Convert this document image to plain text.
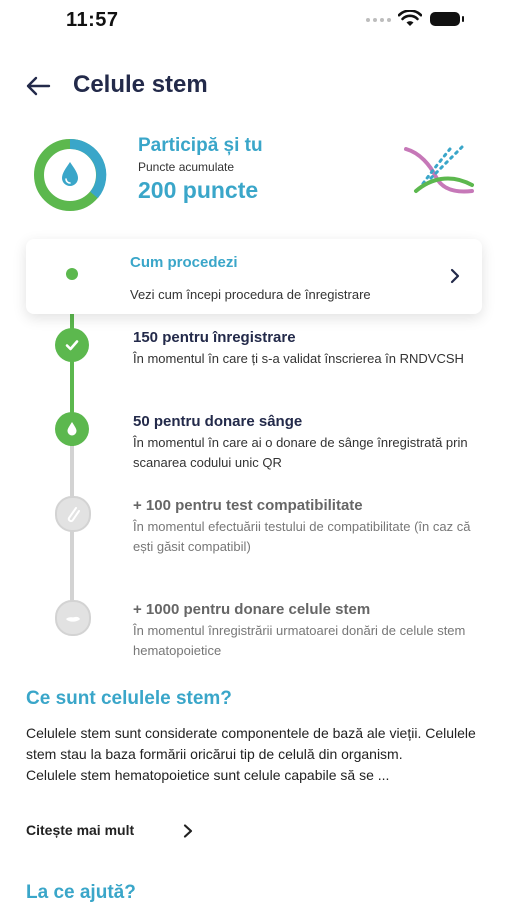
11:57
Celule stem
Participă și tu
Puncte acumulate
200 puncte
Cum procedezi
Vezi cum începi procedura de înregistrare
150 pentru înregistrare
În momentul în care ți s-a validat înscrierea în RNDVCSH
50 pentru donare sânge
În momentul în care ai o donare de sânge înregistrată prin scanarea codului unic QR
+ 100 pentru test compatibilitate
În momentul efectuării testului de compatibilitate (în caz că ești găsit compatibil)
+ 1000 pentru donare celule stem
În momentul înregistrării urmatoarei donări de celule stem hematopoietice
Ce sunt celulele stem?
Celulele stem sunt considerate componentele de bază ale vieții. Celulele stem stau la baza formării oricărui tip de celulă din organism.
Celulele stem hematopoietice sunt celule capabile să se ...
Citește mai mult
La ce ajută?
